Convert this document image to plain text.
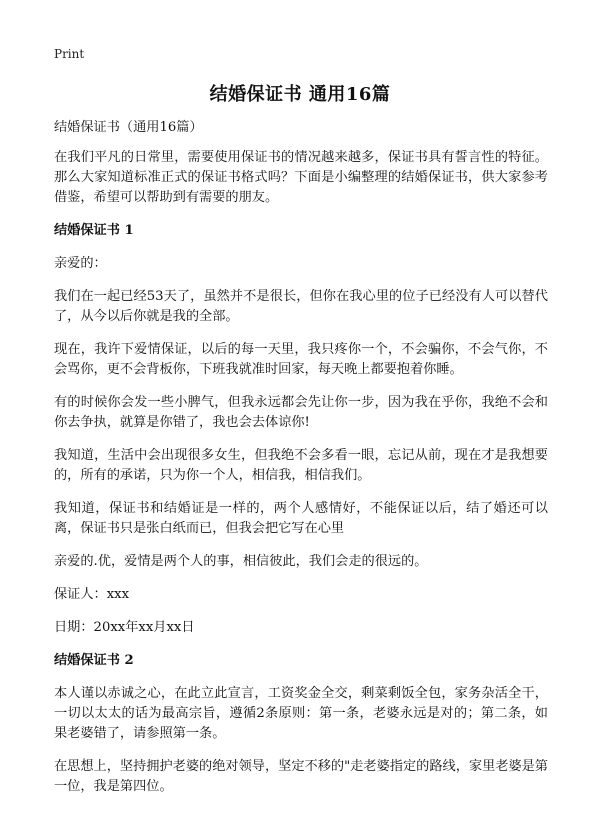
Print
结婚保证书 通用16篇

结婚保证书（通用16篇）

在我们平凡的日常里，需要使用保证书的情况越来越多，保证书具有誓言性的特征。那么大家知道标准正式的保证书格式吗？下面是小编整理的结婚保证书，供大家参考借鉴，希望可以帮助到有需要的朋友。

结婚保证书 1

亲爱的：

我们在一起已经53天了，虽然并不是很长，但你在我心里的位子已经没有人可以替代了，从今以后你就是我的全部。

现在，我许下爱情保证，以后的每一天里，我只疼你一个，不会骗你，不会气你，不会骂你，更不会背板你，下班我就准时回家，每天晚上都要抱着你睡。

有的时候你会发一些小脾气，但我永远都会先让你一步，因为我在乎你，我绝不会和你去争执，就算是你错了，我也会去体谅你!

我知道，生活中会出现很多女生，但我绝不会多看一眼，忘记从前，现在才是我想要的，所有的承诺，只为你一个人，相信我，相信我们。

我知道，保证书和结婚证是一样的，两个人感情好，不能保证以后，结了婚还可以离，保证书只是张白纸而已，但我会把它写在心里

亲爱的.优，爱情是两个人的事，相信彼此，我们会走的很远的。

保证人：xxx

日期：20xx年xx月xx日

结婚保证书 2

本人谨以赤诚之心，在此立此宣言，工资奖金全交，剩菜剩饭全包，家务杂活全干，一切以太太的话为最高宗旨，遵循2条原则：第一条，老婆永远是对的；第二条，如果老婆错了，请参照第一条。

在思想上，坚持拥护老婆的绝对领导，坚定不移的"走老婆指定的路线，家里老婆是第一位，我是第四位。
